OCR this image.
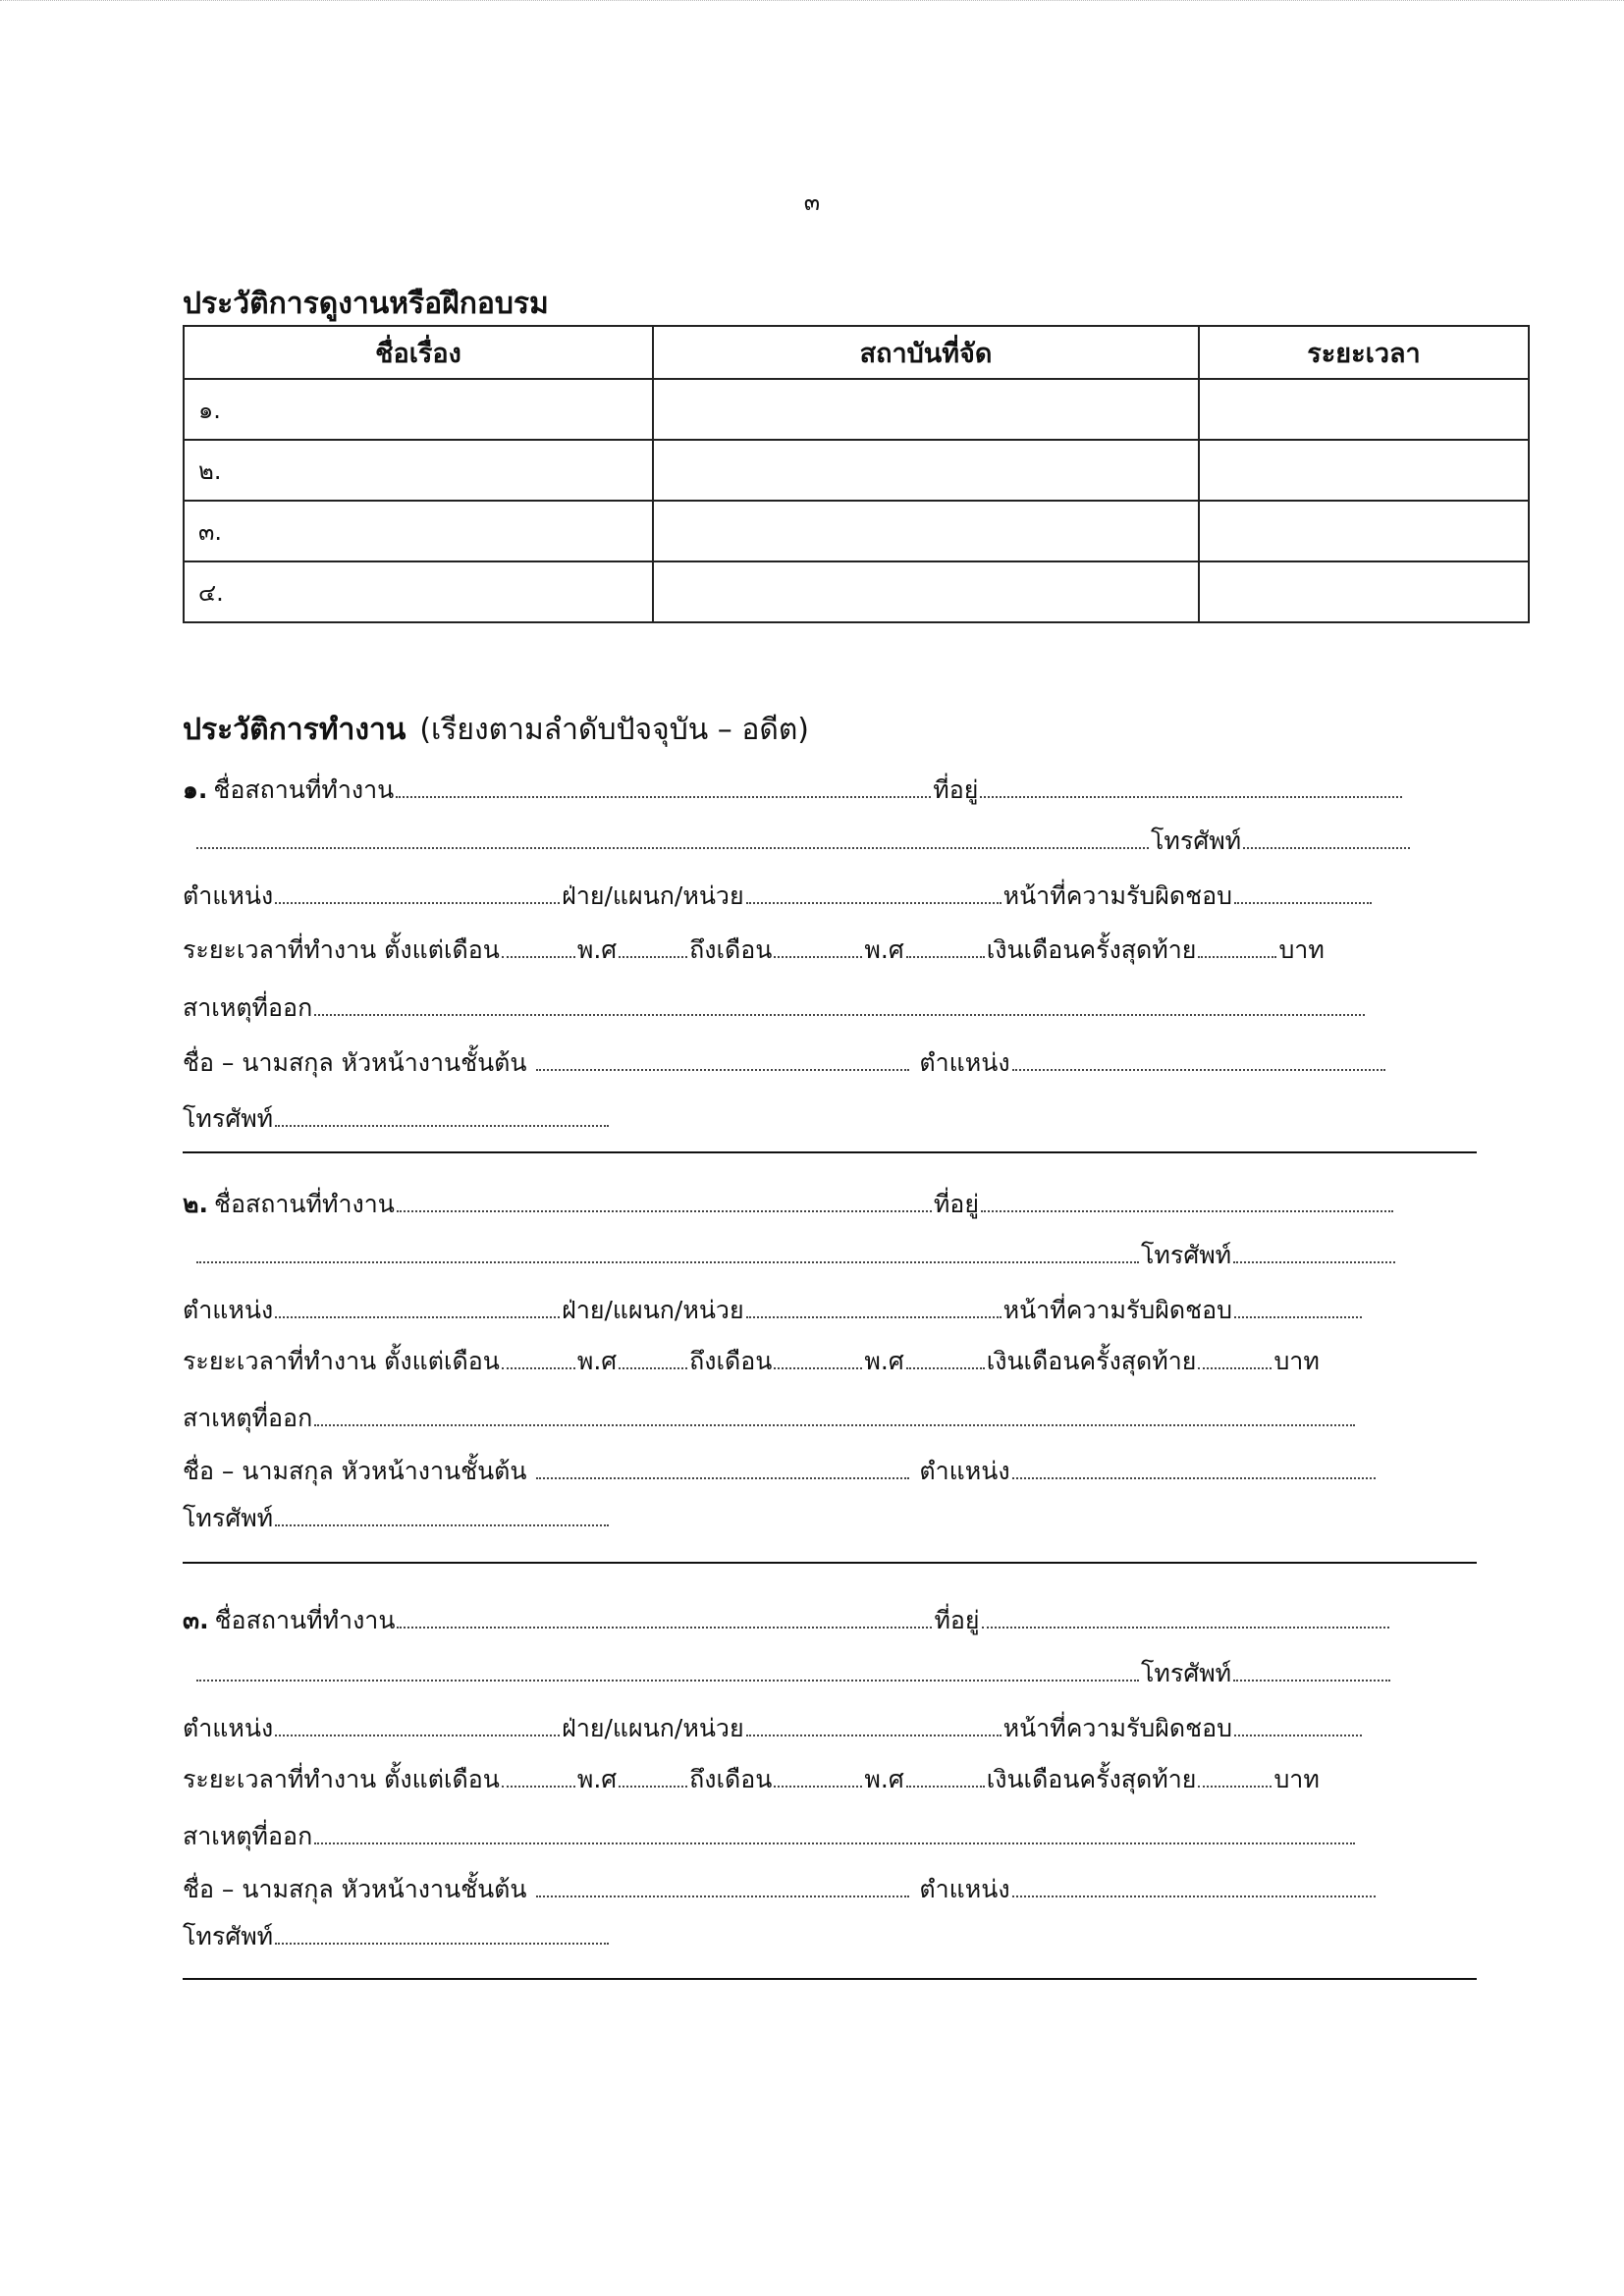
๓
ประวัติการดูงานหรือฝึกอบรม
ชื่อเรื่อง	สถาบันที่จัด	ระยะเวลา
๑.		
๒.		
๓.		
๔.		
ประวัติการทำงาน (เรียงตามลำดับปัจจุบัน – อดีต)
๑. ชื่อสถานที่ทำงาน	ที่อยู่
โทรศัพท์
ตำแหน่ง	ฝ่าย/แผนก/หน่วย	หน้าที่ความรับผิดชอบ
ระยะเวลาที่ทำงาน ตั้งแต่เดือน	พ.ศ	ถึงเดือน	พ.ศ	เงินเดือนครั้งสุดท้าย	บาท
สาเหตุที่ออก
ชื่อ – นามสกุล หัวหน้างานชั้นต้น	ตำแหน่ง
โทรศัพท์
๒. ชื่อสถานที่ทำงาน	ที่อยู่
โทรศัพท์
ตำแหน่ง	ฝ่าย/แผนก/หน่วย	หน้าที่ความรับผิดชอบ
ระยะเวลาที่ทำงาน ตั้งแต่เดือน	พ.ศ	ถึงเดือน	พ.ศ	เงินเดือนครั้งสุดท้าย	บาท
สาเหตุที่ออก
ชื่อ – นามสกุล หัวหน้างานชั้นต้น	ตำแหน่ง
โทรศัพท์
๓. ชื่อสถานที่ทำงาน	ที่อยู่
โทรศัพท์
ตำแหน่ง	ฝ่าย/แผนก/หน่วย	หน้าที่ความรับผิดชอบ
ระยะเวลาที่ทำงาน ตั้งแต่เดือน	พ.ศ	ถึงเดือน	พ.ศ	เงินเดือนครั้งสุดท้าย	บาท
สาเหตุที่ออก
ชื่อ – นามสกุล หัวหน้างานชั้นต้น	ตำแหน่ง
โทรศัพท์
